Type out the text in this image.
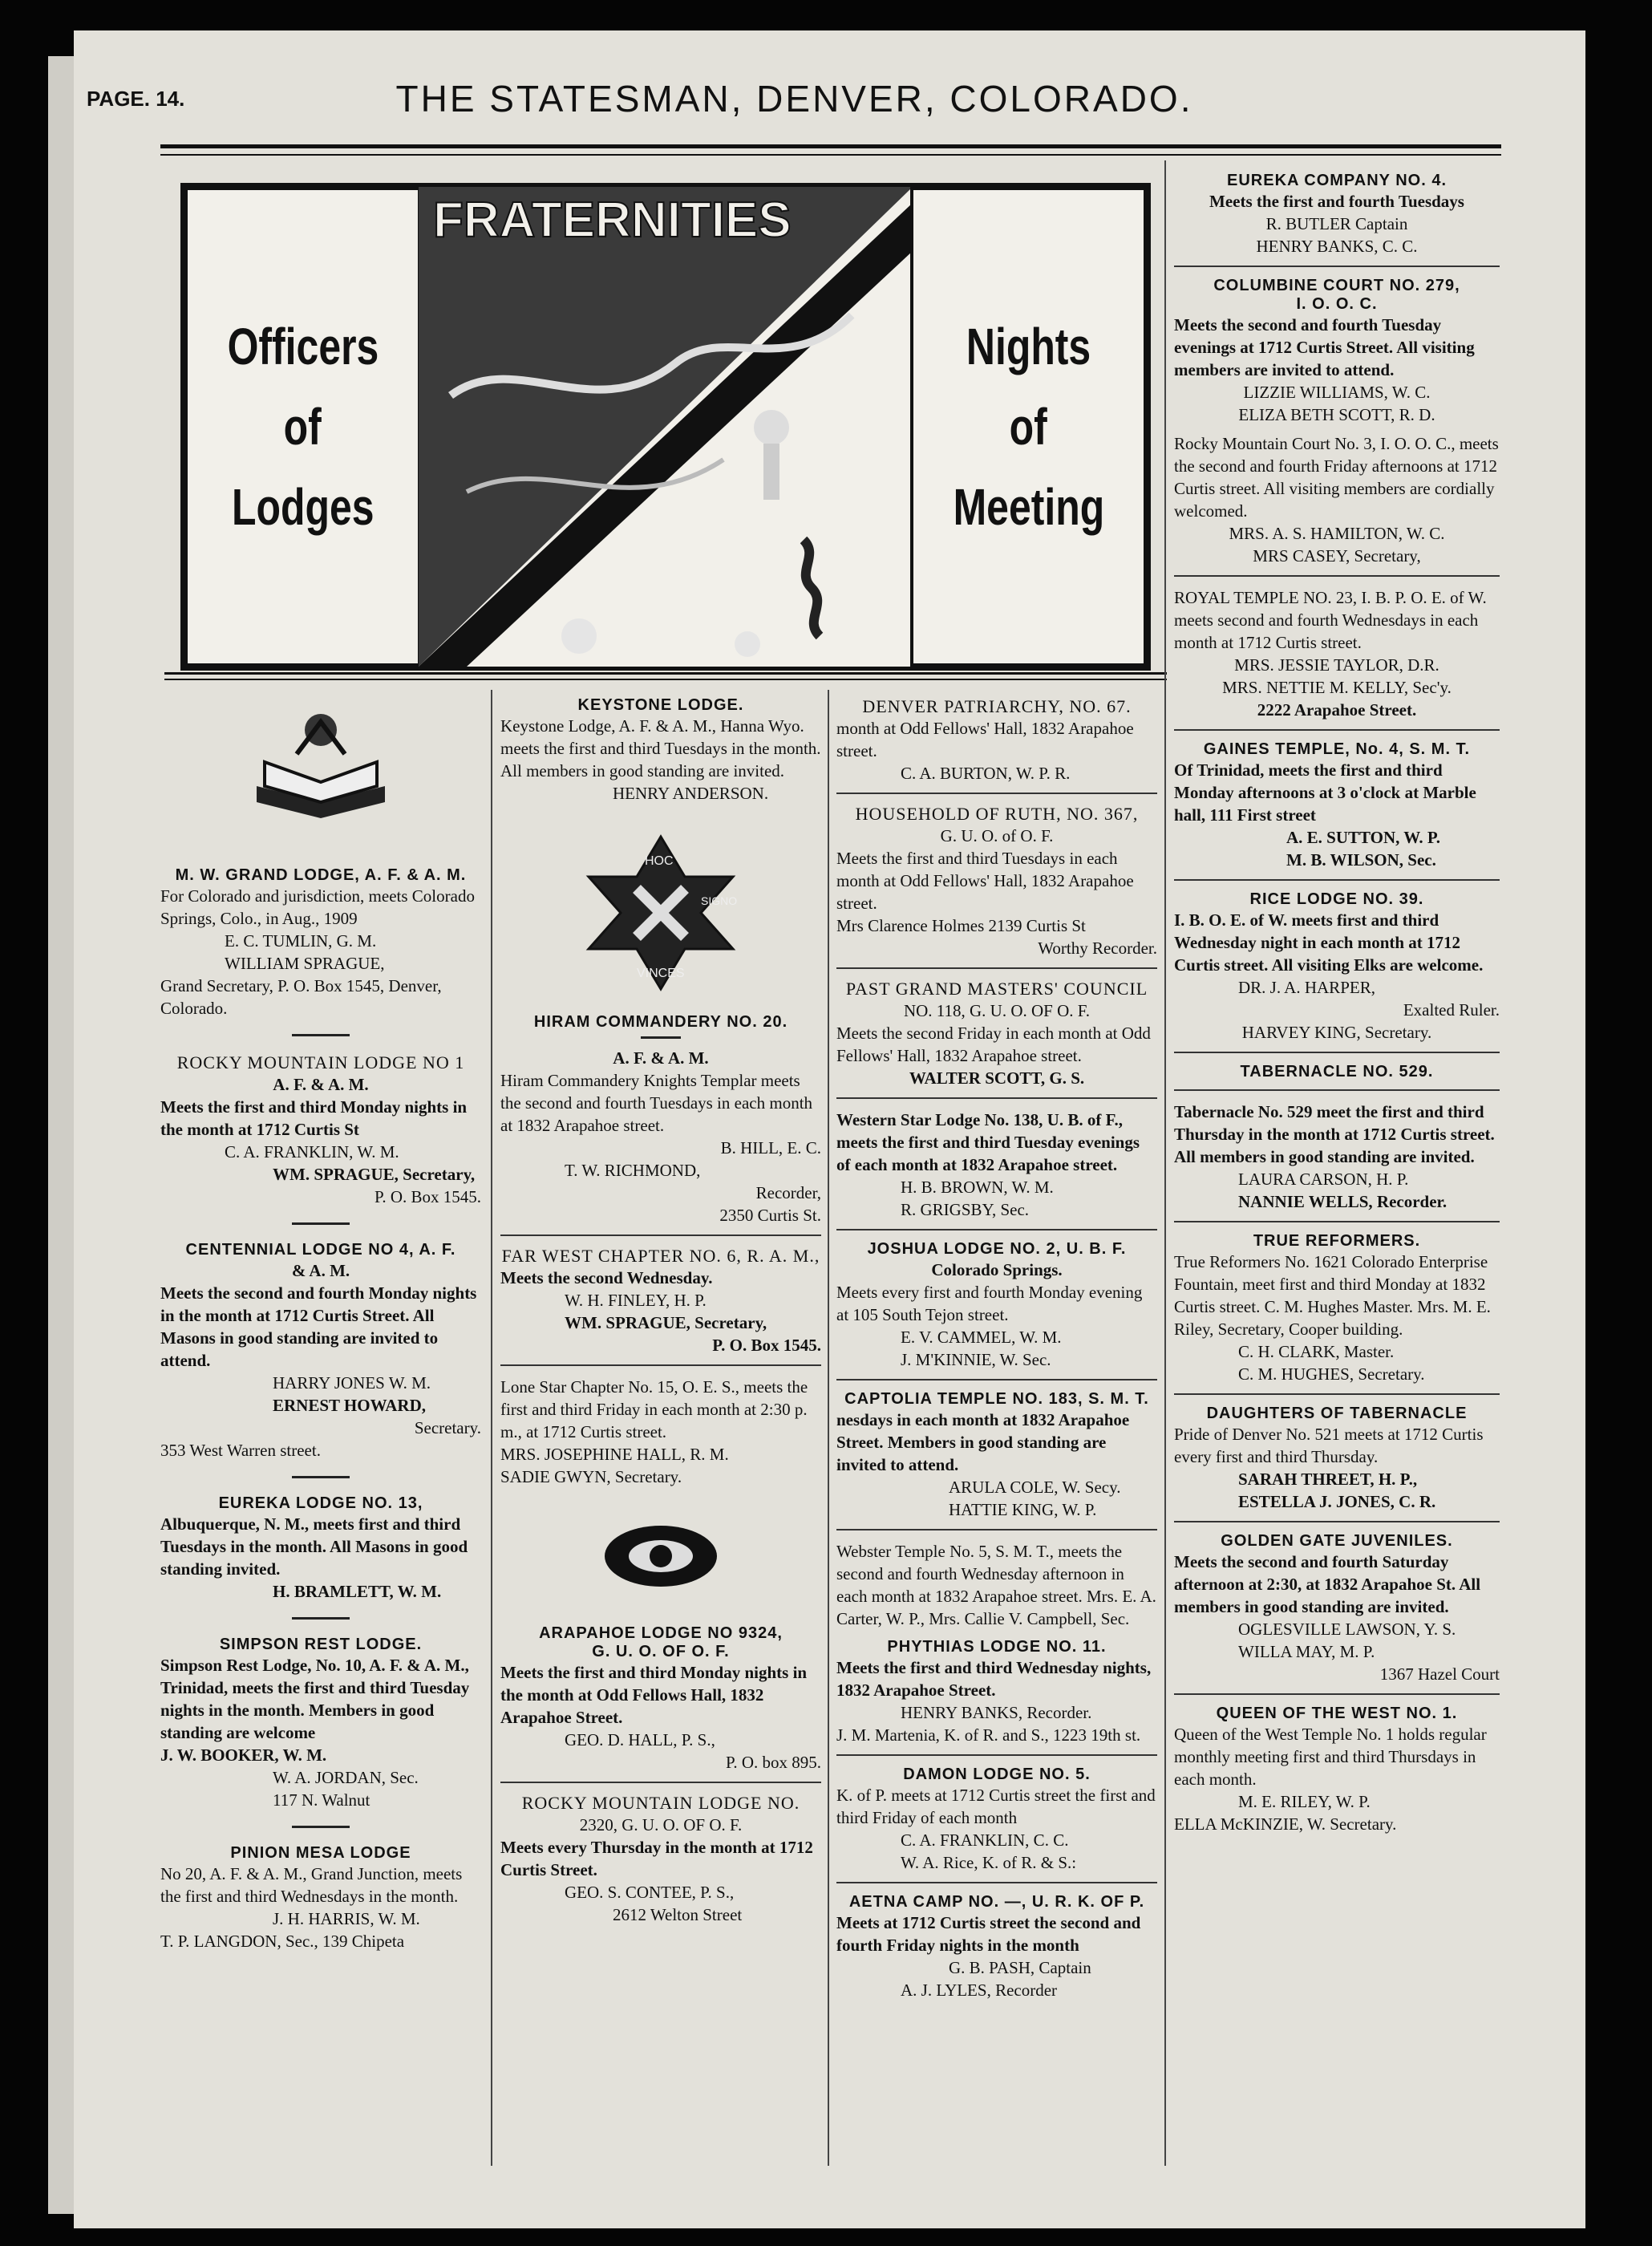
PAGE. 14.	THE STATESMAN, DENVER, COLORADO.
Officers
of
Lodges
FRATERNITIES
Nights
of
Meeting

M. W. GRAND LODGE, A. F. & A. M.

For Colorado and jurisdiction, meets Colorado Springs, Colo., in Aug., 1909

E. C. TUMLIN, G. M.

WILLIAM SPRAGUE,

Grand Secretary, P. O. Box 1545, Denver, Colorado.

ROCKY MOUNTAIN LODGE NO 1

A. F. & A. M.

Meets the first and third Monday nights in the month at 1712 Curtis St

C. A. FRANKLIN, W. M.

WM. SPRAGUE, Secretary,

P. O. Box 1545.

CENTENNIAL LODGE NO 4, A. F.

& A. M.

Meets the second and fourth Monday nights in the month at 1712 Curtis Street. All Masons in good standing are invited to attend.

HARRY JONES W. M.

ERNEST HOWARD,

Secretary.

353 West Warren street.

EUREKA LODGE NO. 13,

Albuquerque, N. M., meets first and third Tuesdays in the month. All Masons in good standing invited.

H. BRAMLETT, W. M.

SIMPSON REST LODGE.

Simpson Rest Lodge, No. 10, A. F. & A. M., Trinidad, meets the first and third Tuesday nights in the month. Members in good standing are welcome

J. W. BOOKER, W. M.

W. A. JORDAN, Sec.

117 N. Walnut

PINION MESA LODGE

No 20, A. F. & A. M., Grand Junction, meets the first and third Wednesdays in the month.

J. H. HARRIS, W. M.

T. P. LANGDON, Sec., 139 Chipeta

KEYSTONE LODGE.

Keystone Lodge, A. F. & A. M., Hanna Wyo. meets the first and third Tuesdays in the month. All members in good standing are invited.

HENRY ANDERSON.

HOC
SIGNO
VINCES

HIRAM COMMANDERY NO. 20.

A. F. & A. M.

Hiram Commandery Knights Templar meets the second and fourth Tuesdays in each month at 1832 Arapahoe street.

B. HILL, E. C.

T. W. RICHMOND,

Recorder,

2350 Curtis St.

FAR WEST CHAPTER NO. 6, R. A. M.,

Meets the second Wednesday.

W. H. FINLEY, H. P.

WM. SPRAGUE, Secretary,

P. O. Box 1545.

Lone Star Chapter No. 15, O. E. S., meets the first and third Friday in each month at 2:30 p. m., at 1712 Curtis street.

MRS. JOSEPHINE HALL, R. M.

SADIE GWYN, Secretary.

ARAPAHOE LODGE NO 9324,

G. U. O. OF O. F.

Meets the first and third Monday nights in the month at Odd Fellows Hall, 1832 Arapahoe Street.

GEO. D. HALL, P. S.,

P. O. box 895.

ROCKY MOUNTAIN LODGE NO.

2320, G. U. O. OF O. F.

Meets every Thursday in the month at 1712 Curtis Street.

GEO. S. CONTEE, P. S.,

2612 Welton Street

DENVER PATRIARCHY, NO. 67.

month at Odd Fellows' Hall, 1832 Arapahoe street.

C. A. BURTON, W. P. R.

HOUSEHOLD OF RUTH, NO. 367,

G. U. O. of O. F.

Meets the first and third Tuesdays in each month at Odd Fellows' Hall, 1832 Arapahoe street.

Mrs Clarence Holmes 2139 Curtis St

Worthy Recorder.

PAST GRAND MASTERS' COUNCIL

NO. 118, G. U. O. OF O. F.

Meets the second Friday in each month at Odd Fellows' Hall, 1832 Arapahoe street.

WALTER SCOTT, G. S.

Western Star Lodge No. 138, U. B. of F., meets the first and third Tuesday evenings of each month at 1832 Arapahoe street.

H. B. BROWN, W. M.

R. GRIGSBY, Sec.

JOSHUA LODGE NO. 2, U. B. F.

Colorado Springs.

Meets every first and fourth Monday evening at 105 South Tejon street.

E. V. CAMMEL, W. M.

J. M'KINNIE, W. Sec.

CAPTOLIA TEMPLE NO. 183, S. M. T.

nesdays in each month at 1832 Arapahoe Street. Members in good standing are invited to attend.

ARULA COLE, W. Secy.

HATTIE KING, W. P.

Webster Temple No. 5, S. M. T., meets the second and fourth Wednesday afternoon in each month at 1832 Arapahoe street. Mrs. E. A. Carter, W. P., Mrs. Callie V. Campbell, Sec.

PHYTHIAS LODGE NO. 11.

Meets the first and third Wednesday nights, 1832 Arapahoe Street.

HENRY BANKS, Recorder.

J. M. Martenia, K. of R. and S., 1223 19th st.

DAMON LODGE NO. 5.

K. of P. meets at 1712 Curtis street the first and third Friday of each month

C. A. FRANKLIN, C. C.

W. A. Rice, K. of R. & S.:

AETNA CAMP NO. —, U. R. K. OF P.

Meets at 1712 Curtis street the second and fourth Friday nights in the month

G. B. PASH, Captain

A. J. LYLES, Recorder

EUREKA COMPANY NO. 4.

Meets the first and fourth Tuesdays

R. BUTLER Captain

HENRY BANKS, C. C.

COLUMBINE COURT NO. 279,

I. O. O. C.

Meets the second and fourth Tuesday evenings at 1712 Curtis Street. All visiting members are invited to attend.

LIZZIE WILLIAMS, W. C.

ELIZA BETH SCOTT, R. D.

Rocky Mountain Court No. 3, I. O. O. C., meets the second and fourth Friday afternoons at 1712 Curtis street. All visiting members are cordially welcomed.

MRS. A. S. HAMILTON, W. C.

MRS CASEY, Secretary,

ROYAL TEMPLE NO. 23, I. B. P. O. E. of W. meets second and fourth Wednesdays in each month at 1712 Curtis street.

MRS. JESSIE TAYLOR, D.R.

MRS. NETTIE M. KELLY, Sec'y.

2222 Arapahoe Street.

GAINES TEMPLE, No. 4, S. M. T.

Of Trinidad, meets the first and third Monday afternoons at 3 o'clock at Marble hall, 111 First street

A. E. SUTTON, W. P.

M. B. WILSON, Sec.

RICE LODGE NO. 39.

I. B. O. E. of W. meets first and third Wednesday night in each month at 1712 Curtis street. All visiting Elks are welcome.

DR. J. A. HARPER,

Exalted Ruler.

HARVEY KING, Secretary.

TABERNACLE NO. 529.

Tabernacle No. 529 meet the first and third Thursday in the month at 1712 Curtis street. All members in good standing are invited.

LAURA CARSON, H. P.

NANNIE WELLS, Recorder.

TRUE REFORMERS.

True Reformers No. 1621 Colorado Enterprise Fountain, meet first and third Monday at 1832 Curtis street. C. M. Hughes Master. Mrs. M. E. Riley, Secretary, Cooper building.

C. H. CLARK, Master.

C. M. HUGHES, Secretary.

DAUGHTERS OF TABERNACLE

Pride of Denver No. 521 meets at 1712 Curtis every first and third Thursday.

SARAH THREET, H. P.,

ESTELLA J. JONES, C. R.

GOLDEN GATE JUVENILES.

Meets the second and fourth Saturday afternoon at 2:30, at 1832 Arapahoe St. All members in good standing are invited.

OGLESVILLE LAWSON, Y. S.

WILLA MAY, M. P.

1367 Hazel Court

QUEEN OF THE WEST NO. 1.

Queen of the West Temple No. 1 holds regular monthly meeting first and third Thursdays in each month.

M. E. RILEY, W. P.

ELLA McKINZIE, W. Secretary.
